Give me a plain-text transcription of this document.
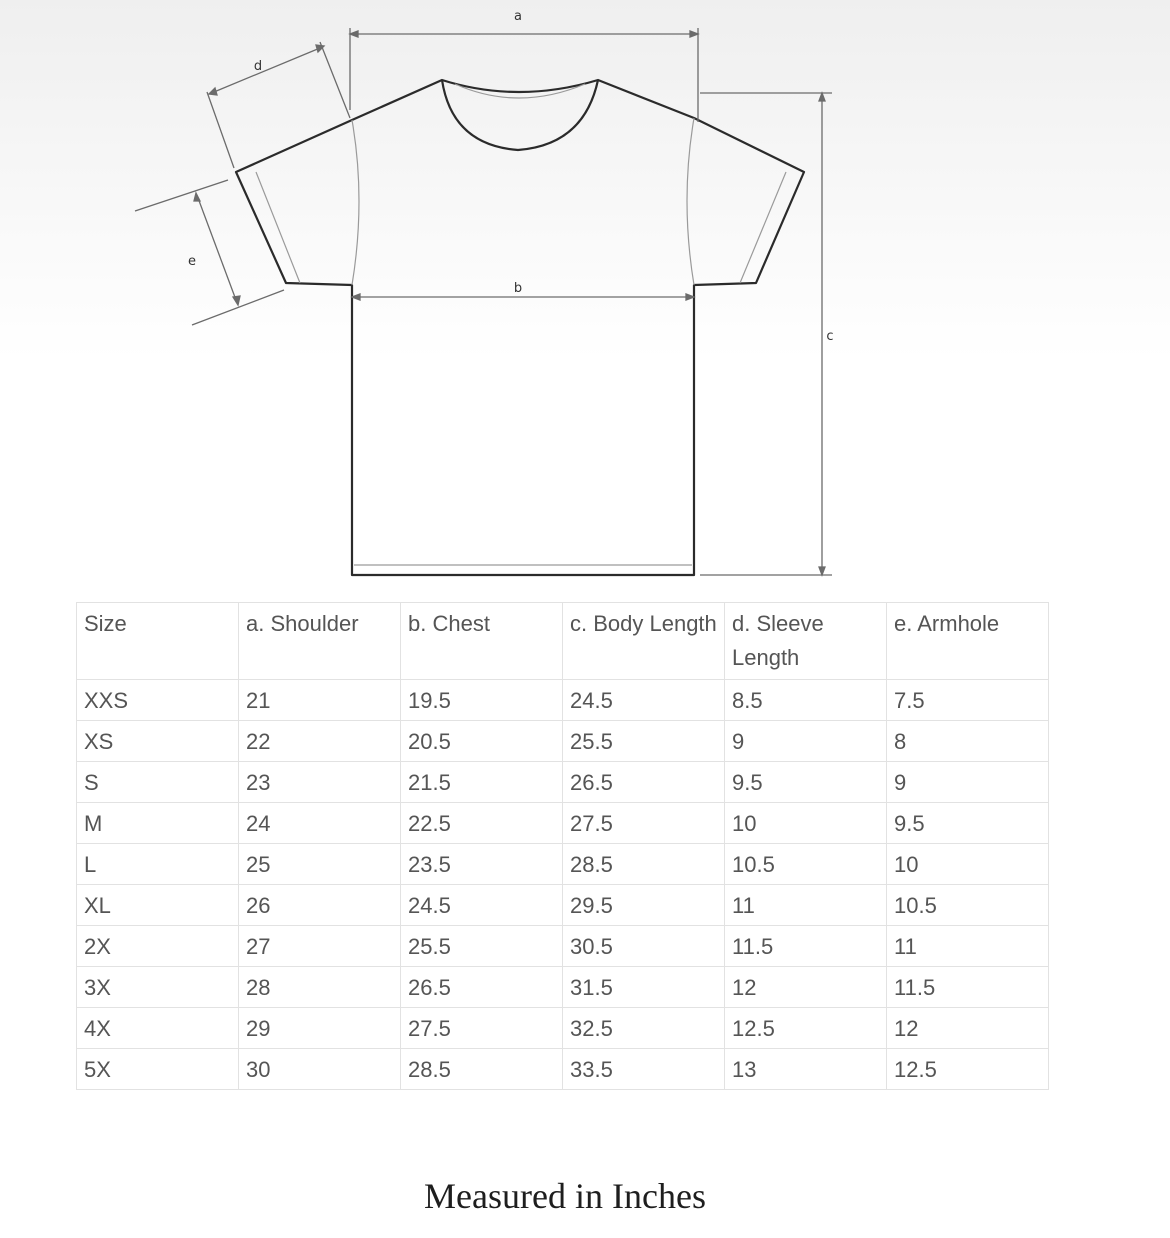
a
b
c
d
e
Size	a. Shoulder	b. Chest	c. Body Length	d. Sleeve Length	e. Armhole
XXS	21	19.5	24.5	8.5	7.5
XS	22	20.5	25.5	9	8
S	23	21.5	26.5	9.5	9
M	24	22.5	27.5	10	9.5
L	25	23.5	28.5	10.5	10
XL	26	24.5	29.5	11	10.5
2X	27	25.5	30.5	11.5	11
3X	28	26.5	31.5	12	11.5
4X	29	27.5	32.5	12.5	12
5X	30	28.5	33.5	13	12.5
Measured in Inches
